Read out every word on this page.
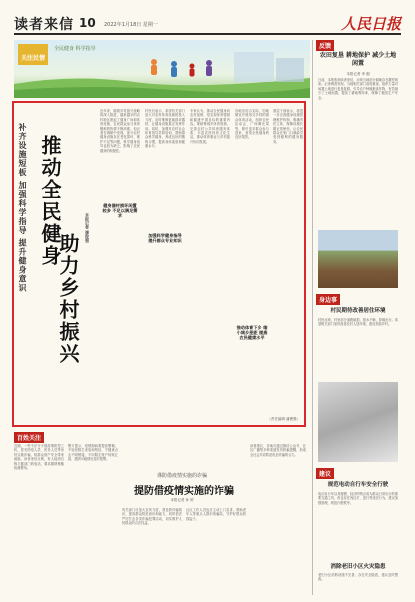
读者来信 10 2022年1月18日 星期一	人民日报
关注民情
全民健身 科学指导
补齐设施短板 加强科学指导 提升健身意识 推动全民健身
助力乡村振兴
本报记者 潘俊强
近年来，随着乡村振兴战略的深入推进，越来越多的农村地区建起了健身广场和体育设施，农民群众参与体育锻炼的热情不断高涨。但记者在调研中发现，部分农村健身设施存在老化损坏、维护不足等问题，科学健身指导也较为缺乏，影响了农民健身的积极性。
健身器材损坏闲置较多 不足以满足需求
村民们表示，希望有关部门加大对农村体育设施的投入力度，及时维修更换损坏器材，让健身设施真正发挥作用。同时，加强对农村社会体育指导员的培训，帮助群众科学健身，养成良好的锻炼习惯，提高身体素质和健康水平。
加强科学健身指导 提升群众专业知识
专家认为，推动全民健身向农村延伸，是实现体育强国和健康中国目标的重要内容。要统筹城乡体育资源，完善农村公共体育服务体系，丰富农民体育文化生活，推动体育事业与乡村振兴协同发展。
各地应结合实际，因地制宜开展形式多样的群众体育活动，组织农民运动会、广场舞比赛等，吸引更多群众参与进来，营造全民健身的良好氛围。
推动体育下乡 缩小城乡差距 提高农民健康水平
基层干部表示，将进一步完善健身设施管理维护机制，明确责任主体，保障设施长期正常使用，让农民群众在家门口就能享受到便利的健身服务。
（责任编辑 潘俊强）
反馈
农田复垦 耕地保护 减少土地闲置
本报记者 李 刚
日前，本报收到读者来信，反映当地部分耕地存在撂荒现象。记者调查发现，当地相关部门高度重视，组织力量对闲置土地进行复垦复耕，引导农户种植粮食作物，有效减少了土地闲置，提高了耕地利用率，保障了粮食生产安全。
身边事
村民期待改善居住环境
村民反映，村里部分道路破损，排水不畅，影响出行。希望相关部门加快改善农村人居环境，建设美丽乡村。
建议
规范电动自行车安全行驶
电动自行车以其便捷、经济的特点成为群众日常出行的重要交通工具，但也存在闯红灯、逆行等违法行为，建议加强管理，规范行驶秩序。
消除老旧小区火灾隐患
老旧小区消防设施不完善，存在安全隐患，建议及时整改。
百姓关注
近期，一些不法分子借疫情防控之机，冒充防疫人员、医务人员等身份实施诈骗，给群众财产安全带来威胁。读者来信反映，有人接到自称卫健部门的电话，要求缴纳核酸检测费用。
警方提示，疫情期间要提高警惕，不轻信陌生来电和短信，不随意点击不明链接，不向陌生账户转账汇款，遇到可疑情况及时报警。
谨防借疫情实施的诈骗
提防借疫情实施的诈骗
本报记者 孙 婷
有关部门应加大宣传力度，普及防诈骗知识，提高群众防范意识和能力，同时依法严厉打击各类诈骗犯罪活动，切实维护人民群众的合法权益。
社区工作人员也应主动上门宣讲，帮助老年人等重点人群识别骗局，守护好群众的钱袋子。
读者建议，各地可通过微信公众号、社区广播等多种渠道发布防骗提醒，形成全社会共同防范电信诈骗的合力。
